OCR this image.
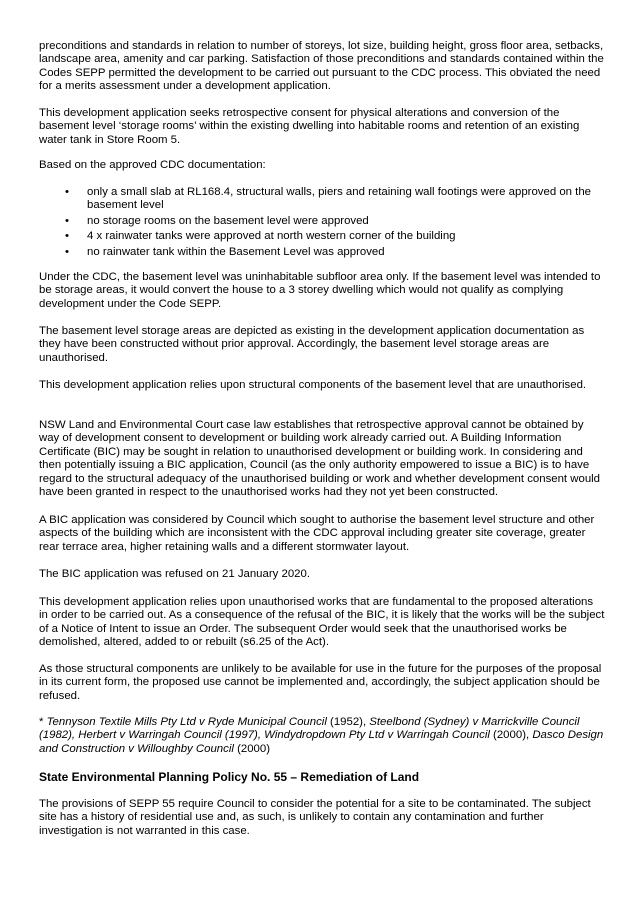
preconditions and standards in relation to number of storeys, lot size, building height, gross floor area, setbacks, landscape area, amenity and car parking. Satisfaction of those preconditions and standards contained within the Codes SEPP permitted the development to be carried out pursuant to the CDC process. This obviated the need for a merits assessment under a development application.

This development application seeks retrospective consent for physical alterations and conversion of the basement level ‘storage rooms’ within the existing dwelling into habitable rooms and retention of an existing water tank in Store Room 5.

Based on the approved CDC documentation:

• only a small slab at RL168.4, structural walls, piers and retaining wall footings were approved on the basement level
• no storage rooms on the basement level were approved
• 4 x rainwater tanks were approved at north western corner of the building
• no rainwater tank within the Basement Level was approved

Under the CDC, the basement level was uninhabitable subfloor area only. If the basement level was intended to be storage areas, it would convert the house to a 3 storey dwelling which would not qualify as complying development under the Code SEPP.

The basement level storage areas are depicted as existing in the development application documentation as they have been constructed without prior approval. Accordingly, the basement level storage areas are unauthorised.

This development application relies upon structural components of the basement level that are unauthorised.

NSW Land and Environmental Court case law establishes that retrospective approval cannot be obtained by way of development consent to development or building work already carried out. A Building Information Certificate (BIC) may be sought in relation to unauthorised development or building work. In considering and then potentially issuing a BIC application, Council (as the only authority empowered to issue a BIC) is to have regard to the structural adequacy of the unauthorised building or work and whether development consent would have been granted in respect to the unauthorised works had they not yet been constructed.

A BIC application was considered by Council which sought to authorise the basement level structure and other aspects of the building which are inconsistent with the CDC approval including greater site coverage, greater rear terrace area, higher retaining walls and a different stormwater layout.

The BIC application was refused on 21 January 2020.

This development application relies upon unauthorised works that are fundamental to the proposed alterations in order to be carried out. As a consequence of the refusal of the BIC, it is likely that the works will be the subject of a Notice of Intent to issue an Order. The subsequent Order would seek that the unauthorised works be demolished, altered, added to or rebuilt (s6.25 of the Act).

As those structural components are unlikely to be available for use in the future for the purposes of the proposal in its current form, the proposed use cannot be implemented and, accordingly, the subject application should be refused.

* Tennyson Textile Mills Pty Ltd v Ryde Municipal Council (1952), Steelbond (Sydney) v Marrickville Council (1982), Herbert v Warringah Council (1997), Windydropdown Pty Ltd v Warringah Council (2000), Dasco Design and Construction v Willoughby Council (2000)

State Environmental Planning Policy No. 55 – Remediation of Land

The provisions of SEPP 55 require Council to consider the potential for a site to be contaminated. The subject site has a history of residential use and, as such, is unlikely to contain any contamination and further investigation is not warranted in this case.
